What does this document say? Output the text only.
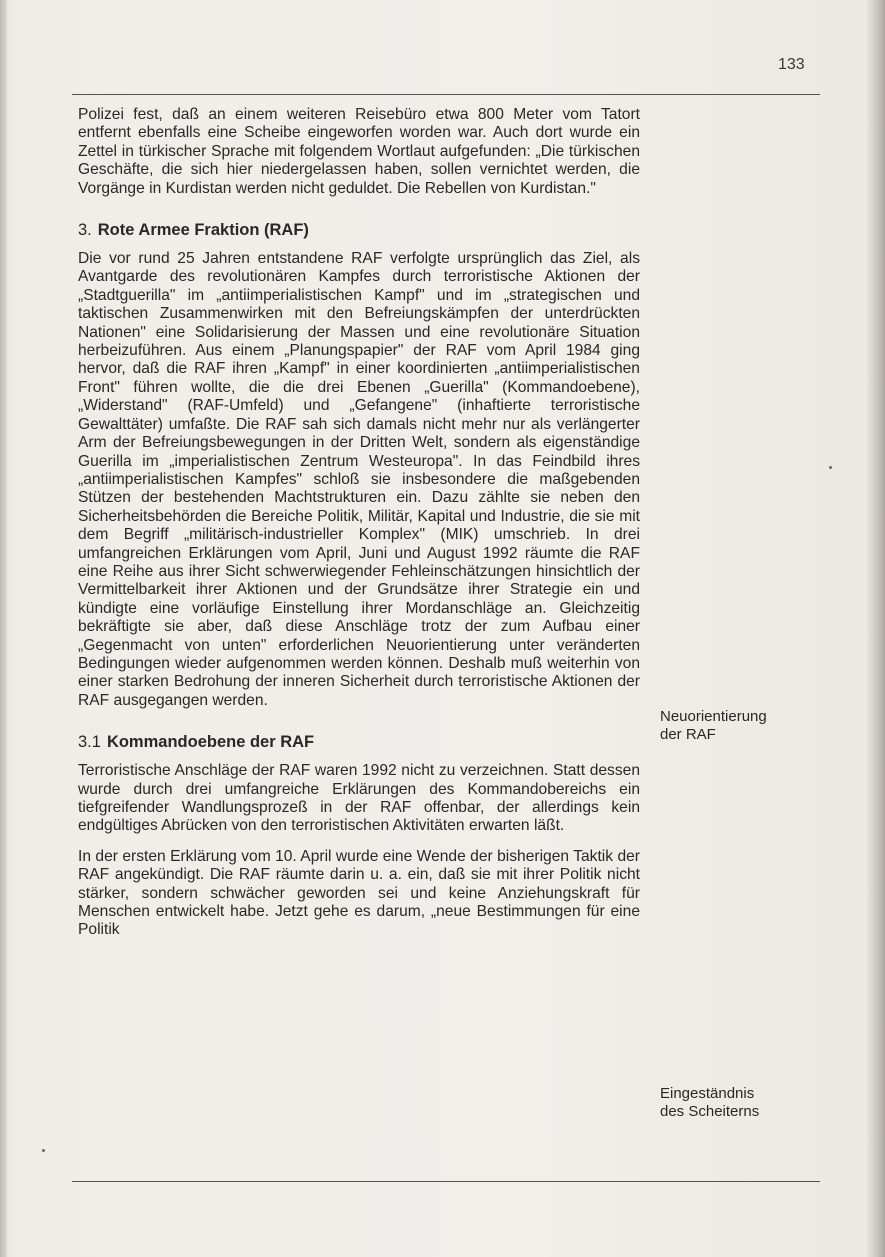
133

Polizei fest, daß an einem weiteren Reisebüro etwa 800 Meter vom Tatort entfernt ebenfalls eine Scheibe eingeworfen worden war. Auch dort wurde ein Zettel in türkischer Sprache mit folgendem Wortlaut aufgefunden: „Die türkischen Geschäfte, die sich hier niedergelassen haben, sollen vernichtet werden, die Vorgänge in Kurdistan werden nicht geduldet. Die Rebellen von Kurdistan."

3. Rote Armee Fraktion (RAF)

Die vor rund 25 Jahren entstandene RAF verfolgte ursprünglich das Ziel, als Avantgarde des revolutionären Kampfes durch terroristische Aktionen der „Stadtguerilla" im „antiimperialistischen Kampf" und im „strategischen und taktischen Zusammenwirken mit den Befreiungskämpfen der unterdrückten Nationen" eine Solidarisierung der Massen und eine revolutionäre Situation herbeizuführen. Aus einem „Planungspapier" der RAF vom April 1984 ging hervor, daß die RAF ihren „Kampf" in einer koordinierten „antiimperialistischen Front" führen wollte, die die drei Ebenen „Guerilla" (Kommandoebene), „Widerstand" (RAF-Umfeld) und „Gefangene" (inhaftierte terroristische Gewalttäter) umfaßte. Die RAF sah sich damals nicht mehr nur als verlängerter Arm der Befreiungsbewegungen in der Dritten Welt, sondern als eigenständige Guerilla im „imperialistischen Zentrum Westeuropa". In das Feindbild ihres „antiimperialistischen Kampfes" schloß sie insbesondere die maßgebenden Stützen der bestehenden Machtstrukturen ein. Dazu zählte sie neben den Sicherheitsbehörden die Bereiche Politik, Militär, Kapital und Industrie, die sie mit dem Begriff „militärisch-industrieller Komplex" (MIK) umschrieb. In drei umfangreichen Erklärungen vom April, Juni und August 1992 räumte die RAF eine Reihe aus ihrer Sicht schwerwiegender Fehleinschätzungen hinsichtlich der Vermittelbarkeit ihrer Aktionen und der Grundsätze ihrer Strategie ein und kündigte eine vorläufige Einstellung ihrer Mordanschläge an. Gleichzeitig bekräftigte sie aber, daß diese Anschläge trotz der zum Aufbau einer „Gegenmacht von unten" erforderlichen Neuorientierung unter veränderten Bedingungen wieder aufgenommen werden können. Deshalb muß weiterhin von einer starken Bedrohung der inneren Sicherheit durch terroristische Aktionen der RAF ausgegangen werden.

3.1 Kommandoebene der RAF

Terroristische Anschläge der RAF waren 1992 nicht zu verzeichnen. Statt dessen wurde durch drei umfangreiche Erklärungen des Kommandobereichs ein tiefgreifender Wandlungsprozeß in der RAF offenbar, der allerdings kein endgültiges Abrücken von den terroristischen Aktivitäten erwarten läßt.

In der ersten Erklärung vom 10. April wurde eine Wende der bisherigen Taktik der RAF angekündigt. Die RAF räumte darin u. a. ein, daß sie mit ihrer Politik nicht stärker, sondern schwächer geworden sei und keine Anziehungskraft für Menschen entwickelt habe. Jetzt gehe es darum, „neue Bestimmungen für eine Politik

Neuorientierung
der RAF
Eingeständnis
des Scheiterns
